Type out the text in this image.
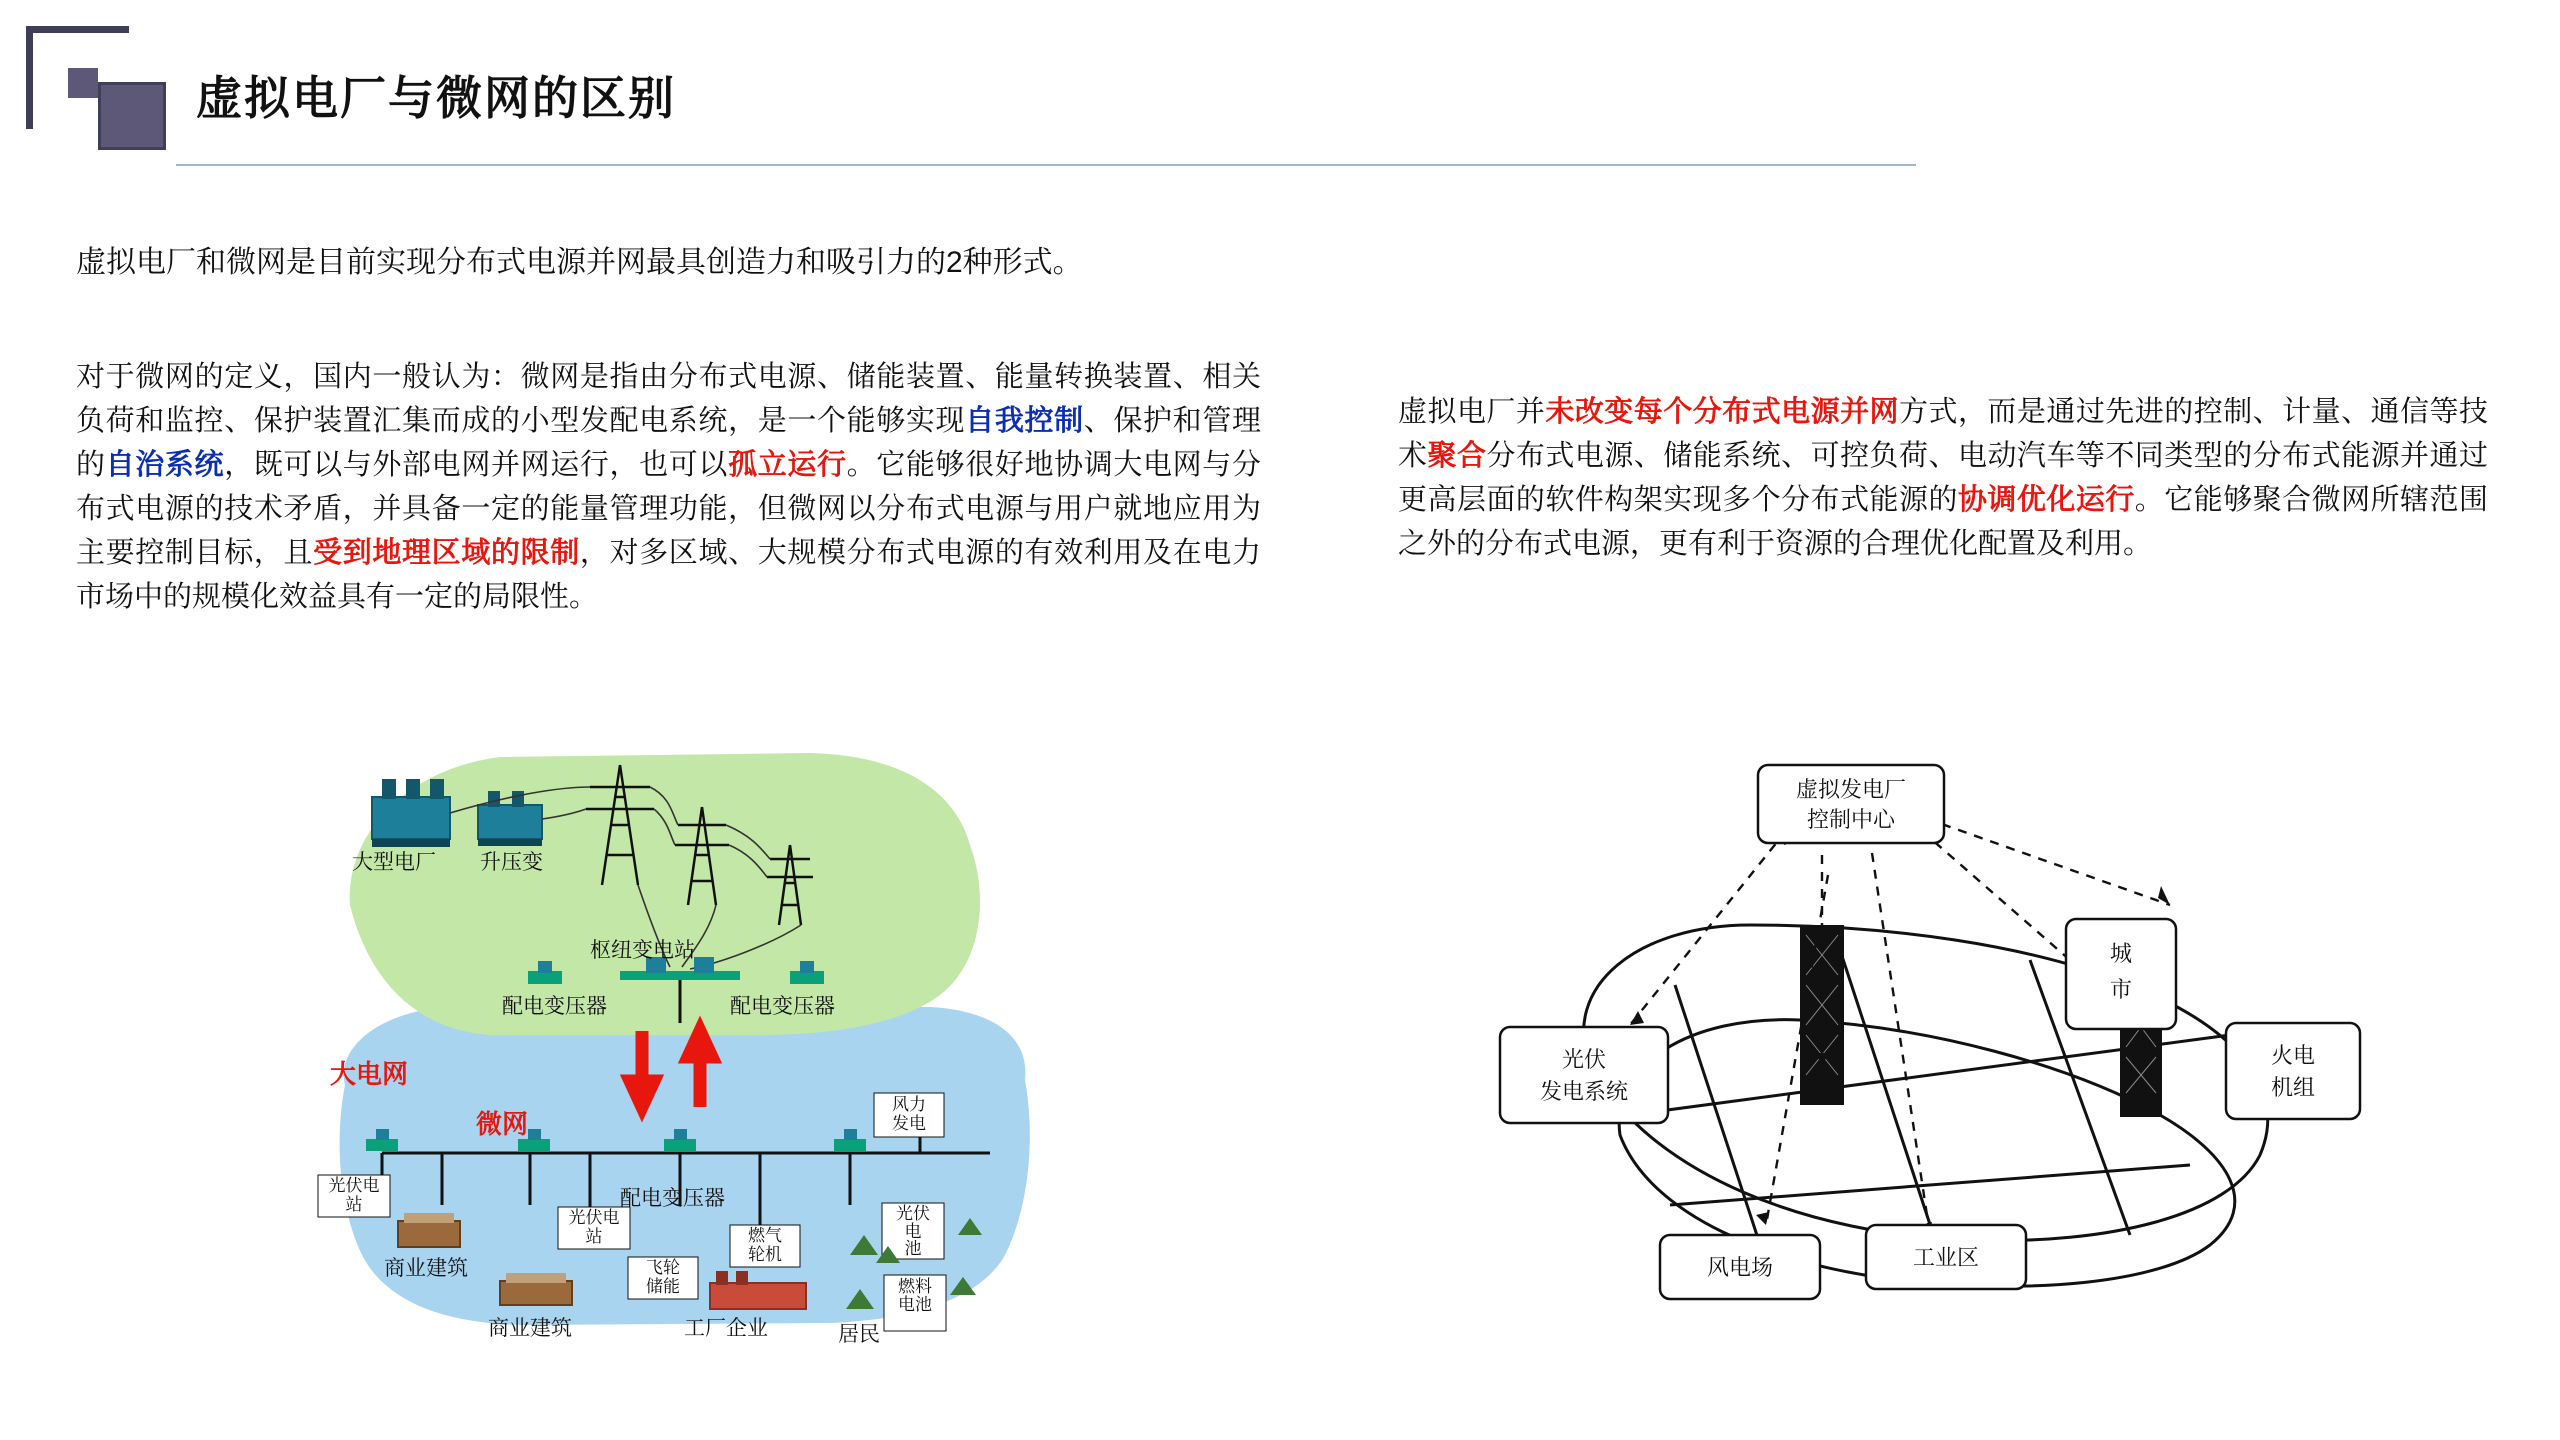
虚拟电厂与微网的区别
虚拟电厂和微网是目前实现分布式电源并网最具创造力和吸引力的2种形式。
对于微网的定义，国内一般认为：微网是指由分布式电源、储能装置、能量转换装置、相关负荷和监控、保护装置汇集而成的小型发配电系统，是一个能够实现自我控制、保护和管理的自治系统，既可以与外部电网并网运行，也可以孤立运行。它能够很好地协调大电网与分布式电源的技术矛盾，并具备一定的能量管理功能，但微网以分布式电源与用户就地应用为主要控制目标，且受到地理区域的限制，对多区域、大规模分布式电源的有效利用及在电力市场中的规模化效益具有一定的局限性。
虚拟电厂并未改变每个分布式电源并网方式，而是通过先进的控制、计量、通信等技术聚合分布式电源、储能系统、可控负荷、电动汽车等不同类型的分布式能源并通过更高层面的软件构架实现多个分布式能源的协调优化运行。它能够聚合微网所辖范围之外的分布式电源，更有利于资源的合理优化配置及利用。
光伏电
站
光伏电
站
飞轮
储能
燃气
轮机
风力
发电
光伏
电
池
燃料
电池
大电网
微网
大型电厂 升压变
枢纽变电站
配电变压器	配电变压器
配电变压器
商业建筑
商业建筑	工厂企业	居民
虚拟发电厂
控制中心
城
市
光伏
发电系统
火电
机组
风电场	工业区
